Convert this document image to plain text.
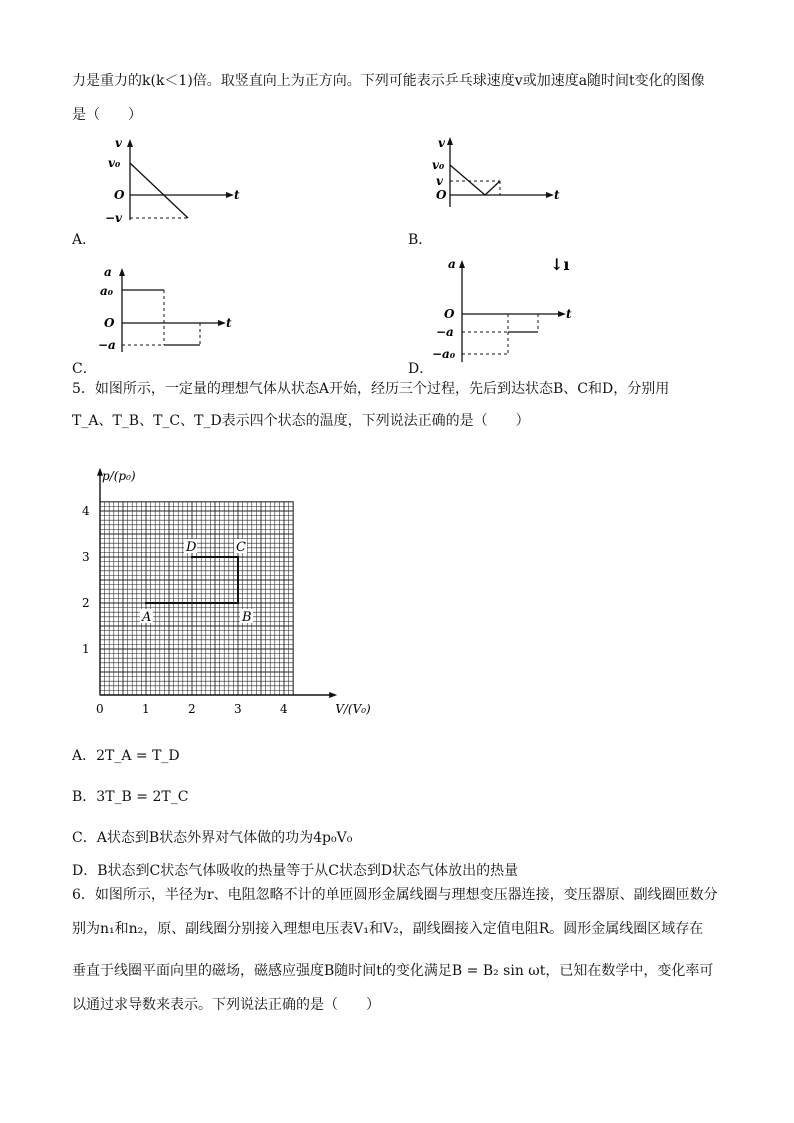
力是重力的k(k＜1)倍。取竖直向上为正方向。下列可能表示乒乓球速度v或加速度a随时间t变化的图像
是（　　）
v
v₀
O	t
−v
A．
v
v₀
v
O	t
B．
a
a₀
O	t
−a
C．
a
O	t
−a
−a₀
↓ı
D．
5．如图所示，一定量的理想气体从状态A开始，经历三个过程，先后到达状态B、C和D，分别用
T_A、T_B、T_C、T_D表示四个状态的温度，下列说法正确的是（　　）
0	1	2	3	4
1
2
3
4
p/(p₀)
V/(V₀)
A	B
C
D
A．2T_A = T_D
B．3T_B = 2T_C
C．A状态到B状态外界对气体做的功为4p₀V₀
D．B状态到C状态气体吸收的热量等于从C状态到D状态气体放出的热量
6．如图所示，半径为r、电阻忽略不计的单匝圆形金属线圈与理想变压器连接，变压器原、副线圈匝数分
别为n₁和n₂，原、副线圈分别接入理想电压表V₁和V₂，副线圈接入定值电阻R。圆形金属线圈区域存在
垂直于线圈平面向里的磁场，磁感应强度B随时间t的变化满足B = B₂ sin ωt，已知在数学中，变化率可
以通过求导数来表示。下列说法正确的是（　　）
